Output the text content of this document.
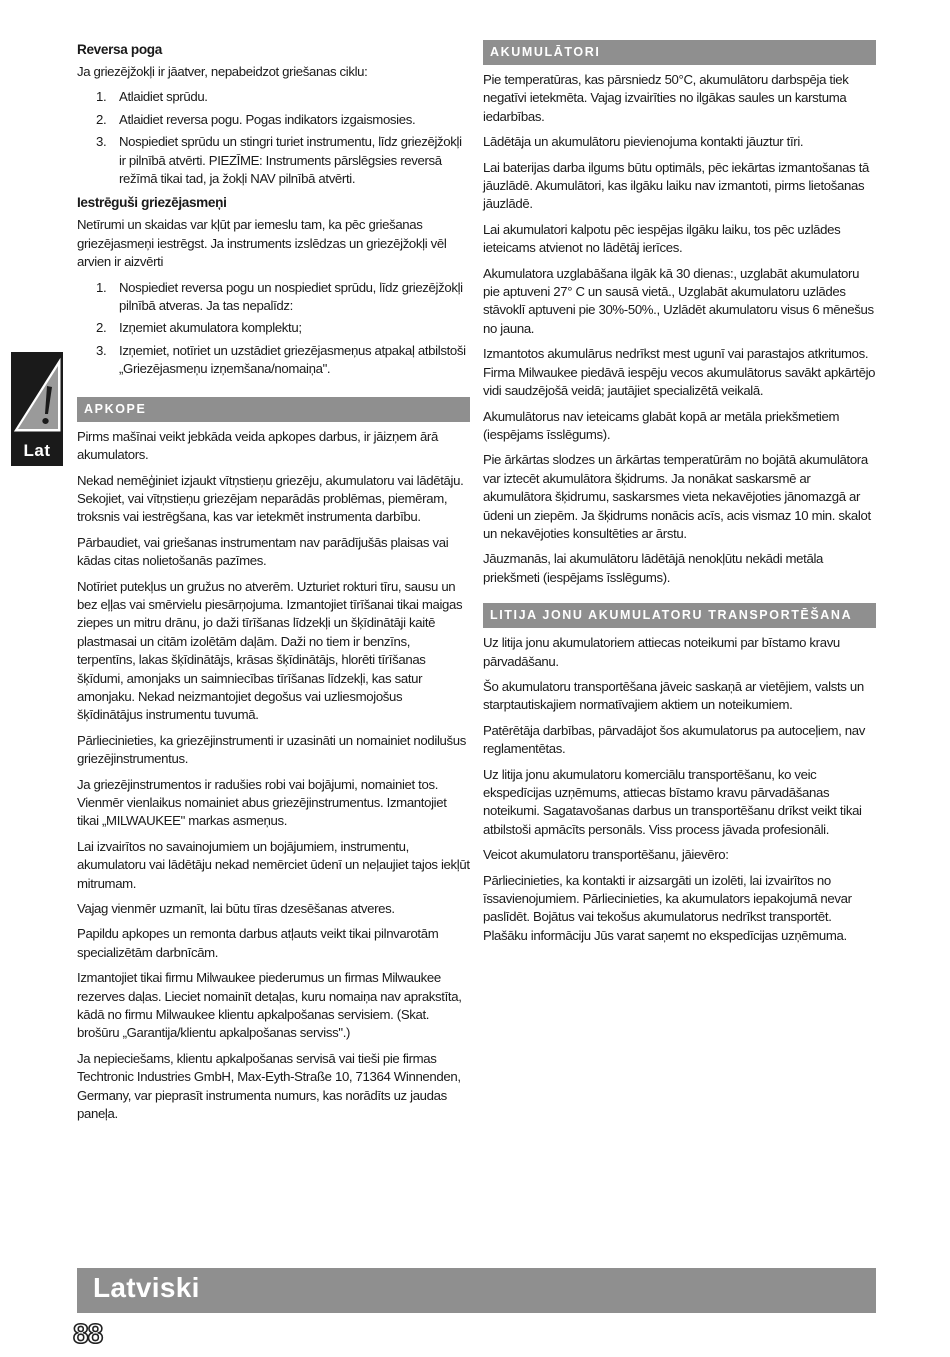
Reversa poga

Ja griezējžokļi ir jāatver, nepabeidzot griešanas ciklu:

1. Atlaidiet sprūdu.
2. Atlaidiet reversa pogu. Pogas indikators izgaismosies.
3. Nospiediet sprūdu un stingri turiet instrumentu, līdz griezējžokļi ir pilnībā atvērti. PIEZĪME: Instruments pārslēgsies reversā režīmā tikai tad, ja žokļi NAV pilnībā atvērti.

Iestrēguši griezējasmeņi

Netīrumi un skaidas var kļūt par iemeslu tam, ka pēc griešanas griezējasmeņi iestrēgst. Ja instruments izslēdzas un griezējžokļi vēl arvien ir aizvērti

1. Nospiediet reversa pogu un nospiediet sprūdu, līdz griezējžokļi pilnībā atveras. Ja tas nepalīdz:
2. Izņemiet akumulatora komplektu;
3. Izņemiet, notīriet un uzstādiet griezējasmeņus atpakaļ atbilstoši „Griezējasmeņu izņemšana/nomaiņa".
APKOPE

Pirms mašīnai veikt jebkāda veida apkopes darbus, ir jāizņem ārā akumulators.

Nekad nemēģiniet izjaukt vītņstieņu griezēju, akumulatoru vai lādētāju. Sekojiet, vai vītņstieņu griezējam neparādās problēmas, piemēram, troksnis vai iestrēgšana, kas var ietekmēt instrumenta darbību.

Pārbaudiet, vai griešanas instrumentam nav parādījušās plaisas vai kādas citas nolietošanās pazīmes.

Notīriet putekļus un gružus no atverēm. Uzturiet rokturi tīru, sausu un bez eļļas vai smērvielu piesārņojuma. Izmantojiet tīrīšanai tikai maigas ziepes un mitru drānu, jo daži tīrīšanas līdzekļi un šķīdinātāji kaitē plastmasai un citām izolētām daļām. Daži no tiem ir benzīns, terpentīns, lakas šķīdinātājs, krāsas šķīdinātājs, hlorēti tīrīšanas šķīdumi, amonjaks un saimniecības tīrīšanas līdzekļi, kas satur amonjaku. Nekad neizmantojiet degošus vai uzliesmojošus šķīdinātājus instrumentu tuvumā.

Pārliecinieties, ka griezējinstrumenti ir uzasināti un nomainiet nodilušus griezējinstrumentus.

Ja griezējinstrumentos ir radušies robi vai bojājumi, nomainiet tos. Vienmēr vienlaikus nomainiet abus griezējinstrumentus. Izmantojiet tikai „MILWAUKEE" markas asmeņus.

Lai izvairītos no savainojumiem un bojājumiem, instrumentu, akumulatoru vai lādētāju nekad nemērciet ūdenī un neļaujiet tajos iekļūt mitrumam.

Vajag vienmēr uzmanīt, lai būtu tīras dzesēšanas atveres.

Papildu apkopes un remonta darbus atļauts veikt tikai pilnvarotām specializētām darbnīcām.

Izmantojiet tikai firmu Milwaukee piederumus un firmas Milwaukee rezerves daļas. Lieciet nomainīt detaļas, kuru nomaiņa nav aprakstīta, kādā no firmu Milwaukee klientu apkalpošanas servisiem. (Skat. brošūru „Garantija/klientu apkalpošanas serviss".)

Ja nepieciešams, klientu apkalpošanas servisā vai tieši pie firmas Techtronic Industries GmbH, Max-Eyth-Straße 10, 71364 Winnenden, Germany, var pieprasīt instrumenta numurs, kas norādīts uz jaudas paneļa.

AKUMULĀTORI

Pie temperatūras, kas pārsniedz 50°C, akumulātoru darbspēja tiek negatīvi ietekmēta. Vajag izvairīties no ilgākas saules un karstuma iedarbības.

Lādētāja un akumulātoru pievienojuma kontakti jāuztur tīri.

Lai baterijas darba ilgums būtu optimāls, pēc iekārtas izmantošanas tā jāuzlādē. Akumulātori, kas ilgāku laiku nav izmantoti, pirms lietošanas jāuzlādē.

Lai akumulatori kalpotu pēc iespējas ilgāku laiku, tos pēc uzlādes ieteicams atvienot no lādētāj ierīces.

Akumulatora uzglabāšana ilgāk kā 30 dienas:, uzglabāt akumulatoru pie aptuveni 27° C un sausā vietā., Uzglabāt akumulatoru uzlādes stāvoklī aptuveni pie 30%-50%., Uzlādēt akumulatoru visus 6 mēnešus no jauna.

Izmantotos akumulārus nedrīkst mest ugunī vai parastajos atkritumos. Firma Milwaukee piedāvā iespēju vecos akumulātorus savākt apkārtējo vidi saudzējošā veidā; jautājiet specializētā veikalā.

Akumulātorus nav ieteicams glabāt kopā ar metāla priekšmetiem (iespējams īsslēgums).

Pie ārkārtas slodzes un ārkārtas temperatūrām no bojātā akumulātora var iztecēt akumulātora šķidrums. Ja nonākat saskarsmē ar akumulātora šķidrumu, saskarsmes vieta nekavējoties jānomazgā ar ūdeni un ziepēm. Ja šķidrums nonācis acīs, acis vismaz 10 min. skalot un nekavējoties konsultēties ar ārstu.

Jāuzmanās, lai akumulātoru lādētājā nenokļūtu nekādi metāla priekšmeti (iespējams īsslēgums).

LITIJA JONU AKUMULATORU TRANSPORTĒŠANA

Uz litija jonu akumulatoriem attiecas noteikumi par bīstamo kravu pārvadāšanu.

Šo akumulatoru transportēšana jāveic saskaņā ar vietējiem, valsts un starptautiskajiem normatīvajiem aktiem un noteikumiem.

Patērētāja darbības, pārvadājot šos akumulatorus pa autoceļiem, nav reglamentētas.

Uz litija jonu akumulatoru komerciālu transportēšanu, ko veic ekspedīcijas uzņēmums, attiecas bīstamo kravu pārvadāšanas noteikumi. Sagatavošanas darbus un transportēšanu drīkst veikt tikai atbilstoši apmācīts personāls. Viss process jāvada profesionāli.

Veicot akumulatoru transportēšanu, jāievēro:

Pārliecinieties, ka kontakti ir aizsargāti un izolēti, lai izvairītos no īssavienojumiem. Pārliecinieties, ka akumulators iepakojumā nevar paslīdēt. Bojātus vai tekošus akumulatorus nedrīkst transportēt. Plašāku informāciju Jūs varat saņemt no ekspedīcijas uzņēmuma.

Lat
Latviski
88
